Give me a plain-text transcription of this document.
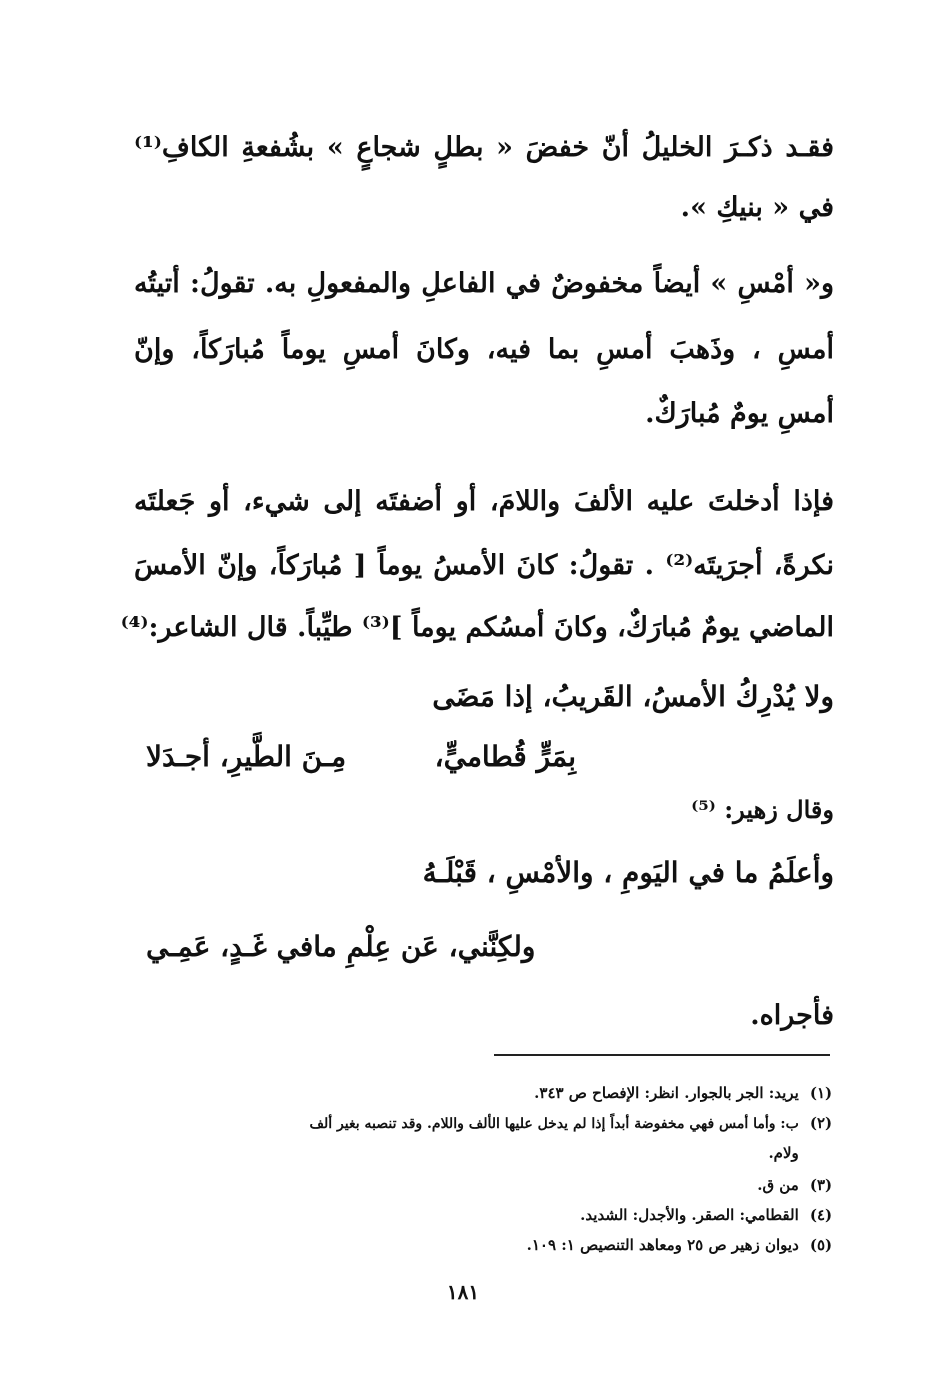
فقـد ذكـرَ الخليلُ أنّ خفضَ « بطلٍ شجاعٍ » بشُفعةِ الكافِ⁽¹⁾
في « بنيكِ ».
و« أمْسِ » أيضاً مخفوضٌ في الفاعلِ والمفعولِ به. تقولُ: أتيتُه
أمسِ ، وذَهبَ أمسِ بما فيه، وكانَ أمسِ يوماً مُبارَكاً، وإنّ
أمسِ يومٌ مُبارَكٌ.
فإذا أدخلتَ عليه الألفَ واللامَ، أو أضفتَه إلى شيء، أو جَعلتَه
نكرةً، أجرَيتَه⁽²⁾ . تقولُ: كانَ الأمسُ يوماً [ مُبارَكاً، وإنّ الأمسَ
الماضي يومٌ مُبارَكٌ، وكانَ أمسُكم يوماً ]⁽³⁾ طيِّباً. قال الشاعر:⁽⁴⁾
ولا يُدْرِكُ الأمسُ، القَريبُ، إذا مَضَى
بِمَرٍّ قُطاميٍّ،
مِـنَ الطَّيرِ، أجـدَلا
وقال زهير: ⁽⁵⁾
وأعلَمُ ما في اليَومِ ، والأمْسِ ، قَبْلَـهُ
ولكِنَّني، عَن عِلْمِ مافي غَـدٍ، عَمِـي
فأجراه.
(١) يريد: الجر بالجوار. انظر: الإفصاح ص ٣٤٣.
(٢) ب: وأما أمس فهي مخفوضة أبداً إذا لم يدخل عليها الألف واللام. وقد تنصبه بغير ألف
ولام.
(٣) من ق.
(٤) القطامي: الصقر. والأجدل: الشديد.
(٥) ديوان زهير ص ٢٥ ومعاهد التنصيص ١: ١٠٩.
١٨١
